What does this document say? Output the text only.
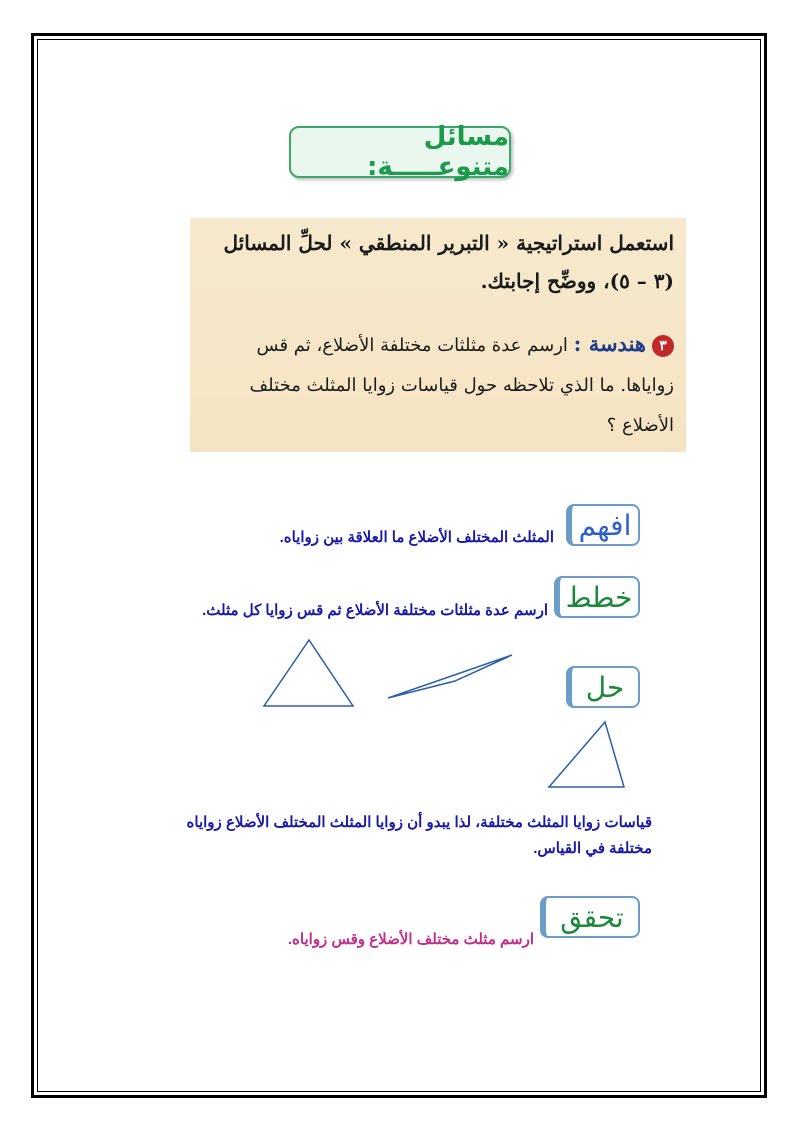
مسائل متنوعـــــة:
استعمل استراتيجية « التبرير المنطقي » لحلِّ المسائل
(٣ – ٥)، ووضِّح إجابتك.
٣هندسة : ارسم عدة مثلثات مختلفة الأضلاع، ثم قس زواياها. ما الذي تلاحظه حول قياسات زوايا المثلث مختلف الأضلاع ؟
افهم
المثلث المختلف الأضلاع ما العلاقة بين زواياه.
خطط
ارسم عدة مثلثات مختلفة الأضلاع ثم قس زوايا كل مثلث.
حل
قياسات زوايا المثلث مختلفة، لذا يبدو أن زوايا المثلث المختلف الأضلاع زواياه مختلفة في القياس.
تحقق
ارسم مثلث مختلف الأضلاع وقس زواياه.
